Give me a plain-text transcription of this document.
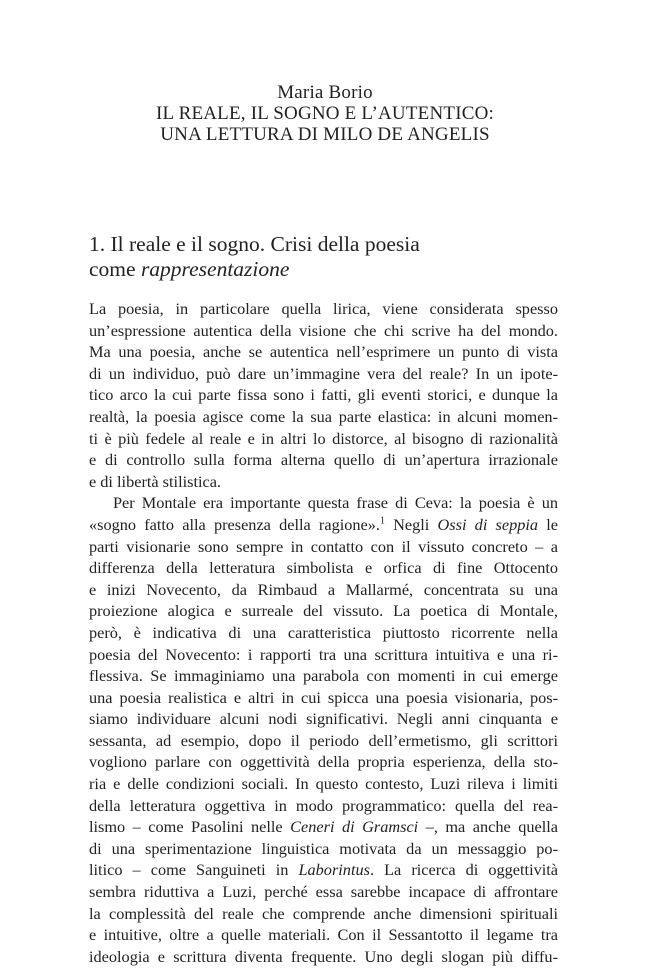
Maria Borio
IL REALE, IL SOGNO E L’AUTENTICO:
UNA LETTURA DI MILO DE ANGELIS
1. Il reale e il sogno. Crisi della poesia
come rappresentazione
La poesia, in particolare quella lirica, viene considerata spesso
un’espressione autentica della visione che chi scrive ha del mondo.
Ma una poesia, anche se autentica nell’esprimere un punto di vista
di un individuo, può dare un’immagine vera del reale? In un ipote-
tico arco la cui parte fissa sono i fatti, gli eventi storici, e dunque la
realtà, la poesia agisce come la sua parte elastica: in alcuni momen-
ti è più fedele al reale e in altri lo distorce, al bisogno di razionalità
e di controllo sulla forma alterna quello di un’apertura irrazionale
e di libertà stilistica.
Per Montale era importante questa frase di Ceva: la poesia è un
«sogno fatto alla presenza della ragione».$^1$ Negli Ossi di seppia le
parti visionarie sono sempre in contatto con il vissuto concreto – a
differenza della letteratura simbolista e orfica di fine Ottocento
e inizi Novecento, da Rimbaud a Mallarmé, concentrata su una
proiezione alogica e surreale del vissuto. La poetica di Montale,
però, è indicativa di una caratteristica piuttosto ricorrente nella
poesia del Novecento: i rapporti tra una scrittura intuitiva e una ri-
flessiva. Se immaginiamo una parabola con momenti in cui emerge
una poesia realistica e altri in cui spicca una poesia visionaria, pos-
siamo individuare alcuni nodi significativi. Negli anni cinquanta e
sessanta, ad esempio, dopo il periodo dell’ermetismo, gli scrittori
vogliono parlare con oggettività della propria esperienza, della sto-
ria e delle condizioni sociali. In questo contesto, Luzi rileva i limiti
della letteratura oggettiva in modo programmatico: quella del rea-
lismo – come Pasolini nelle Ceneri di Gramsci –, ma anche quella
di una sperimentazione linguistica motivata da un messaggio po-
litico – come Sanguineti in Laborintus. La ricerca di oggettività
sembra riduttiva a Luzi, perché essa sarebbe incapace di affrontare
la complessità del reale che comprende anche dimensioni spirituali
e intuitive, oltre a quelle materiali. Con il Sessantotto il legame tra
ideologia e scrittura diventa frequente. Uno degli slogan più diffu-
